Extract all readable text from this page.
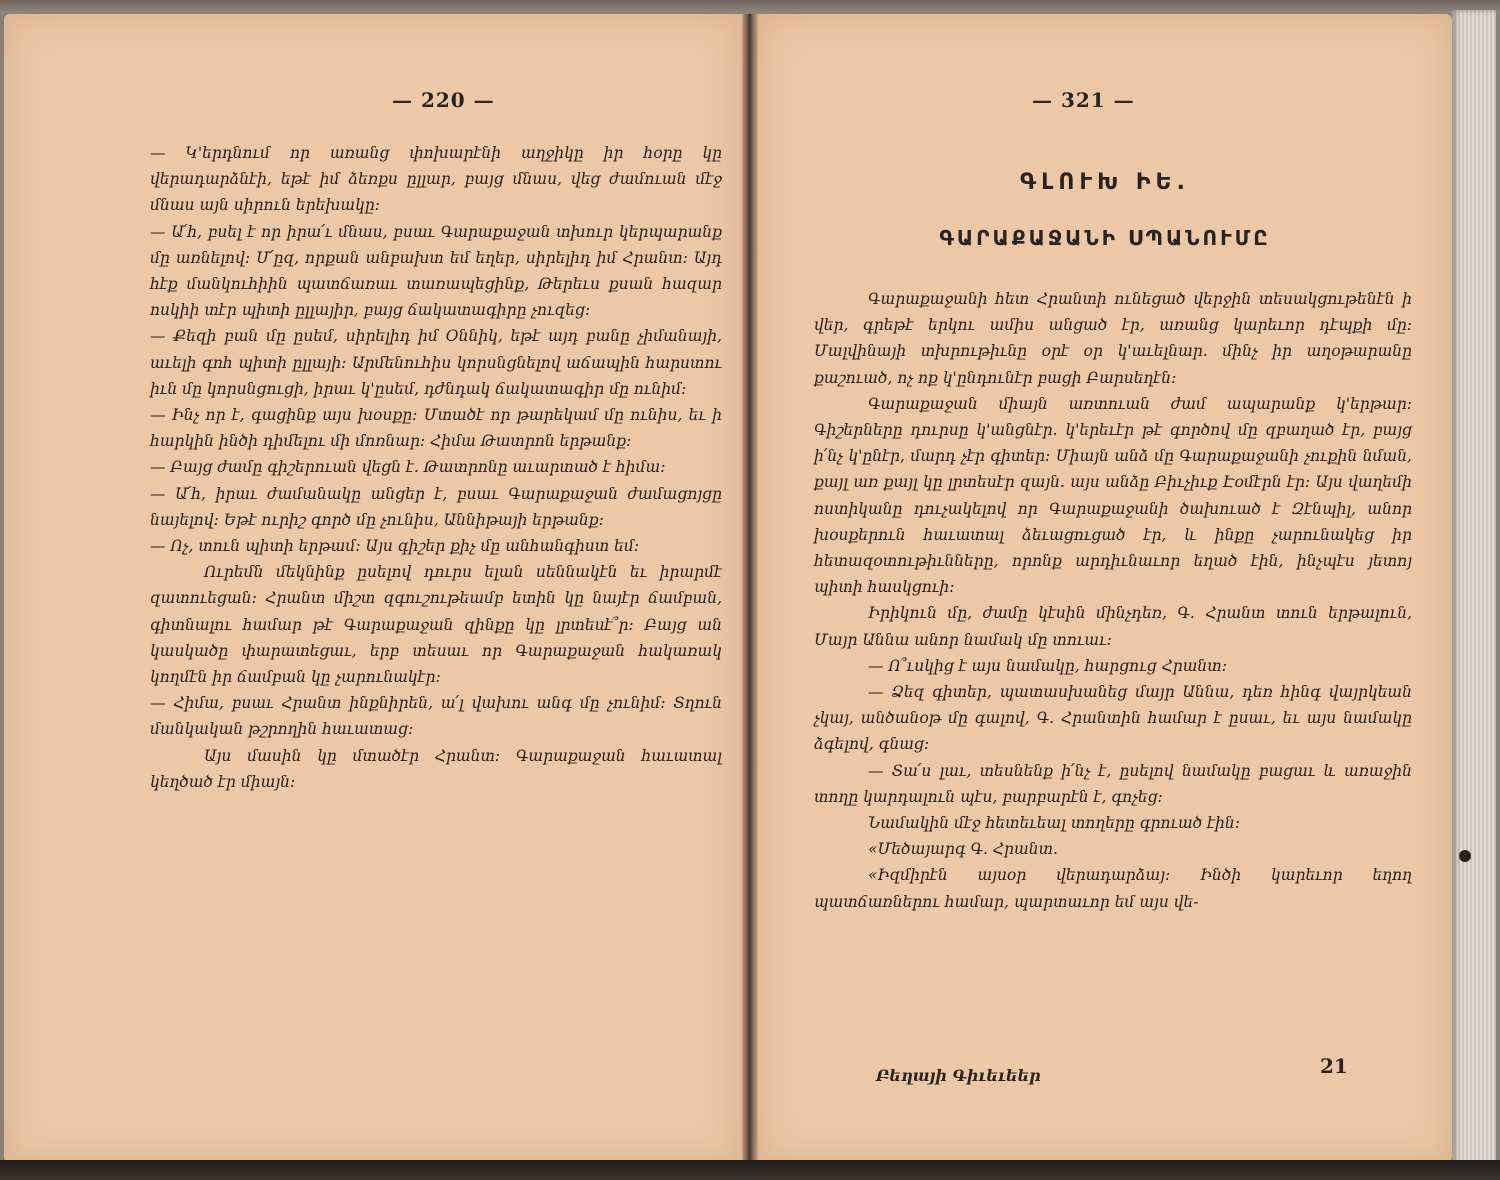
— 220 —

— Կ'երդնում որ առանց փոխարէնի աղջիկը իր հօրը կը վերադարձնէի, եթէ իմ ձեռքս ըլլար, բայց մնաս, վեց ժամուան մէջ մնաս այն սիրուն երեխակը։

— Ա՛հ, բսել է որ իրա՛ւ մնաս, բսաւ Գարաքաջան տխուր կերպարանք մը առնելով։ Մ՛ըզ, որքան անբախտ եմ եղեր, սիրելիդ իմ Հրանտ։ Այդ հէք մանկուհիին պատճառաւ տառապեցինք, Թերեւս քսան հազար ոսկիի տէր պիտի ըլլայիր, բայց ճակատագիրը չուզեց։

— Քեզի բան մը ըսեմ, սիրելիդ իմ Օննիկ, եթէ այդ բանը չիմանայի, աւելի գոհ պիտի ըլլայի։ Արմենուհիս կորսնցնելով աճապին հարստու իւն մը կորսնցուցի, իրաւ կ'ըսեմ, դժնդակ ճակատագիր մը ունիմ։

— Ինչ որ է, գացինք այս խօսքը։ Մտածէ որ թարեկամ մը ունիս, եւ ի հարկին ինծի դիմելու մի մոռնար։ Հիմա Թատրոն երթանք։

— Բայց ժամը գիշերուան վեցն է. Թատրոնը աւարտած է հիմա։

— Ա՛հ, իրաւ ժամանակը անցեր է, բսաւ Գարաքաջան ժամացոյցը նայելով։ Եթէ ուրիշ գործ մը չունիս, Աննիթայի երթանք։

— Ոչ, տուն պիտի երթամ։ Այս գիշեր քիչ մը անհանգիստ եմ։

Ուրեմն մեկնինք ըսելով դուրս ելան սեննակէն եւ իրարմէ զատուեցան։ Հրանտ միշտ զգուշութեամբ ետին կը նայէր ճամբան, գիտնալու համար թէ Գարաքաջան զինքը կը լրտեսէ՞ր։ Բայց ան կասկածը փարատեցաւ, երբ տեսաւ որ Գարաքաջան հակառակ կողմէն իր ճամբան կը չարունակէր։

— Հիմա, բսաւ Հրանտ ինքնիրեն, ա՛լ վախու անգ մը չունիմ։ Տղուն մանկական թշրողին հաւատաց։

Այս մասին կը մտածէր Հրանտ։ Գարաքաջան հաւատալ կեղծած էր միայն։

— 321 —
ԳԼՈՒԽ ԻԵ.
ԳԱՐԱՔԱՋԱՆԻ ՍՊԱՆՈՒՄԸ

Գարաքաջանի հետ Հրանտի ունեցած վերջին տեսակցութենէն ի վեր, գրեթէ երկու ամիս անցած էր, առանց կարեւոր դէպքի մը։ Մալվինայի տխրութիւնը օրէ օր կ'աւելնար. մինչ իր աղօթարանը քաշուած, ոչ ոք կ'ընդունէր բացի Բարսեղէն։

Գարաքաջան միայն առտուան ժամ ապարանք կ'երթար։ Գիշերները դուրսը կ'անցնէր. կ'երեւէր թէ գործով մը զբաղած էր, բայց ի՛նչ կ'ընէր, մարդ չէր գիտեր։ Միայն անձ մը Գարաքաջանի չուքին նման, քայլ առ քայլ կը լրտեսէր զայն. այս անձը Բիւչիւք Էօմէրն էր։ Այս վաղեմի ոստիկանը դուչակելով որ Գարաքաջանի ծախուած է Զէնպիլ, անոր խօսքերուն հաւատալ ձեւացուցած էր, և ինքը չարունակեց իր հետազօտութիւնները, որոնք արդիւնաւոր եղած էին, ինչպէս յետոյ պիտի հասկցուի։

Իրիկուն մը, ժամը կէսին մինչդեռ, Գ. Հրանտ տուն երթալուն, Մայր Աննա անոր նամակ մը տուաւ։

— Ո՞ւսկից է այս նամակը, հարցուց Հրանտ։

— Ձեզ գիտեր, պատասխանեց մայր Աննա, դեռ հինգ վայրկեան չկայ, անծանօթ մը գալով, Գ. Հրանտին համար է ըսաւ, եւ այս նամակը ձգելով, գնաց։

— Տա՛ս լաւ, տեսնենք ի՛նչ է, ըսելով նամակը բացաւ և առաջին տողը կարդալուն պէս, բարբարէն է, գոչեց։

Նամակին մէջ հետեւեալ տողերը գրուած էին։

«Մեծայարգ Գ. Հրանտ.

«Իզմիրէն այսօր վերադարձայ։ Ինծի կարեւոր եղող պատճառներու համար, պարտաւոր եմ այս վե-

Բեղայի Գիւեւեեր	21
